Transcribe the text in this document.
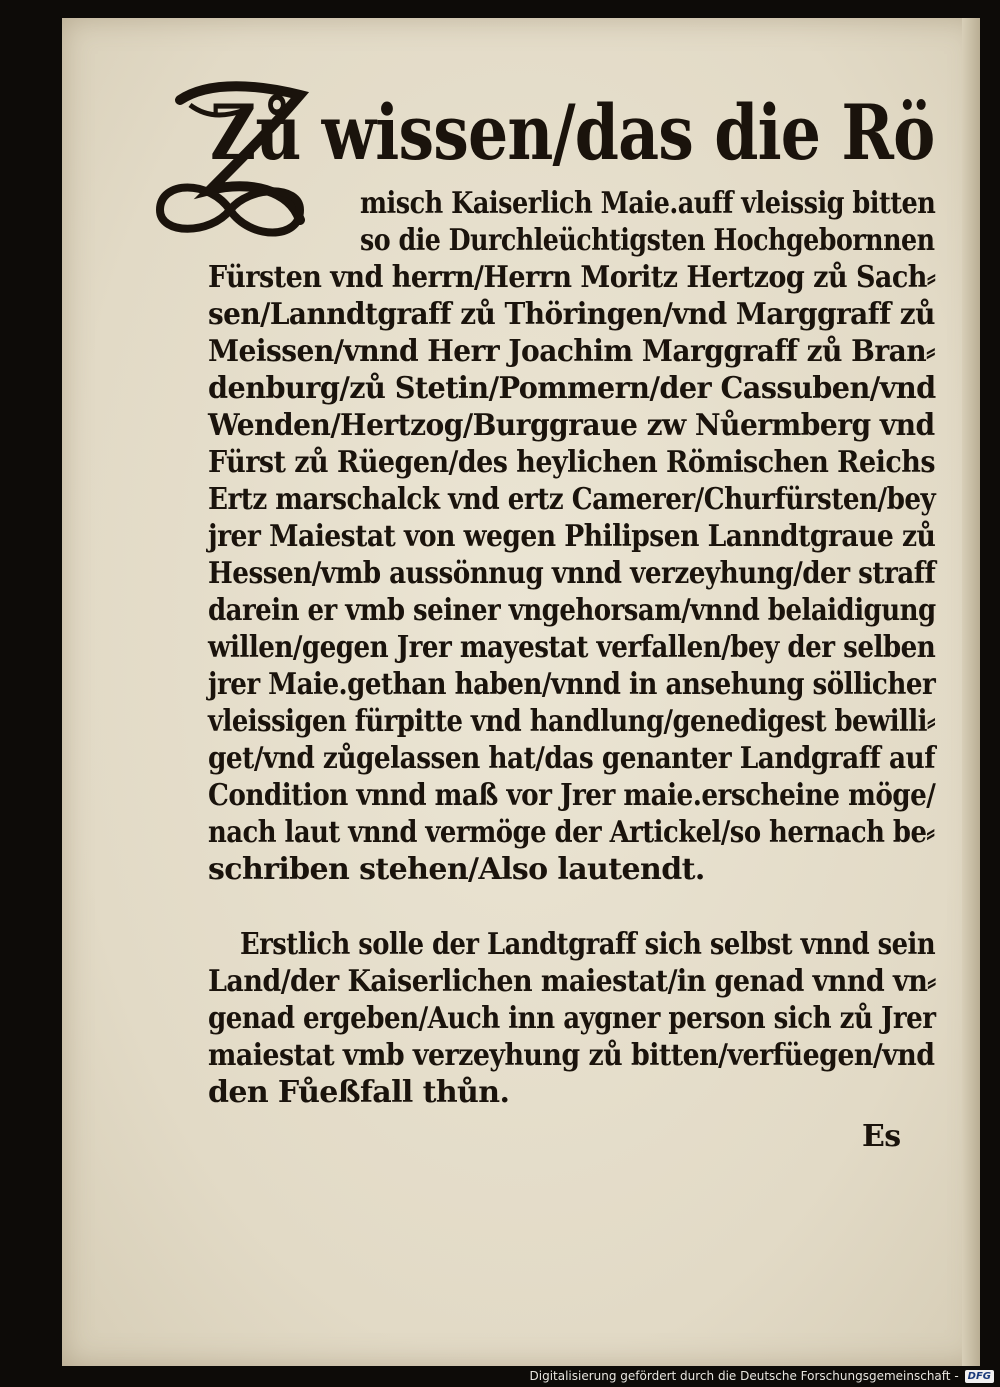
Zů wissen/das die Rö
misch Kaiserlich Maie.auff vleissig bitten
so die Durchleüchtigsten Hochgebornnen
Fürsten vnd herrn/Herrn Moritz Hertzog zů Sach⸗
sen/Lanndtgraff zů Thöringen/vnd Marggraff zů
Meissen/vnnd Herr Joachim Marggraff zů Bran⸗
denburg/zů Stetin/Pommern/der Cassuben/vnd
Wenden/Hertzog/Burggraue zw Nůermberg vnd
Fürst zů Rüegen/des heylichen Römischen Reichs
Ertz marschalck vnd ertz Camerer/Churfürsten/bey
jrer Maiestat von wegen Philipsen Lanndtgraue zů
Hessen/vmb aussönnug vnnd verzeyhung/der straff
darein er vmb seiner vngehorsam/vnnd belaidigung
willen/gegen Jrer mayestat verfallen/bey der selben
jrer Maie.gethan haben/vnnd in ansehung söllicher
vleissigen fürpitte vnd handlung/genedigest bewilli⸗
get/vnd zůgelassen hat/das genanter Landgraff auf
Condition vnnd maß vor Jrer maie.erscheine möge/
nach laut vnnd vermöge der Artickel/so hernach be⸗
schriben stehen/Also lautendt.
Erstlich solle der Landtgraff sich selbst vnnd sein
Land/der Kaiserlichen maiestat/in genad vnnd vn⸗
genad ergeben/Auch inn aygner person sich zů Jrer
maiestat vmb verzeyhung zů bitten/verfüegen/vnd
den Fůeßfall thůn.
Es
Digitalisierung gefördert durch die Deutsche Forschungsgemeinschaft - DFG
